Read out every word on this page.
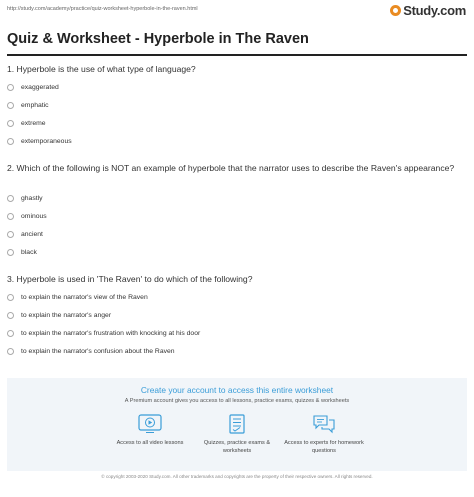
http://study.com/academy/practice/quiz-worksheet-hyperbole-in-the-raven.html	Study.com
Quiz & Worksheet - Hyperbole in The Raven
1. Hyperbole is the use of what type of language?
exaggerated
emphatic
extreme
extemporaneous
2. Which of the following is NOT an example of hyperbole that the narrator uses to describe the Raven's appearance?
ghastly
ominous
ancient
black
3. Hyperbole is used in 'The Raven' to do which of the following?
to explain the narrator's view of the Raven
to explain the narrator's anger
to explain the narrator's frustration with knocking at his door
to explain the narrator's confusion about the Raven
Create your account to access this entire worksheet
A Premium account gives you access to all lessons, practice exams, quizzes & worksheets
Access to all video lessons	Quizzes, practice exams & worksheets
Access to experts for homework questions
© copyright 2003-2020 Study.com. All other trademarks and copyrights are the property of their respective owners. All rights reserved.
